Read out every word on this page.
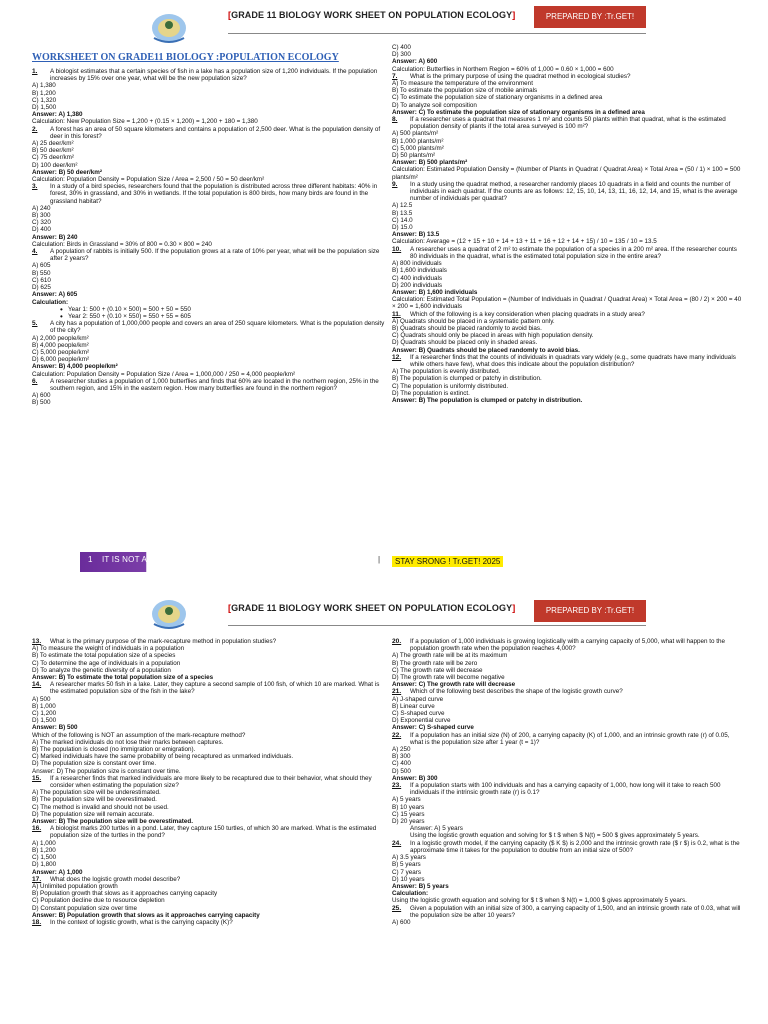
[GRADE 11 BIOLOGY WORK SHEET ON POPULATION ECOLOGY]	PREPARED BY :Tr.GET!
WORKSHEET ON GRADE11 BIOLOGY :POPULATION ECOLOGY
1.	A biologist estimates that a certain species of fish in a lake has a population size of 1,200 individuals. If the population increases by 15% over one year, what will be the new population size?
A) 1,380
B) 1,200
C) 1,320
D) 1,500
Answer: A) 1,380
Calculation: New Population Size = 1,200 + (0.15 × 1,200) = 1,200 + 180 = 1,380
2.	A forest has an area of 50 square kilometers and contains a population of 2,500 deer. What is the population density of deer in this forest?
A) 25 deer/km²
B) 50 deer/km²
C) 75 deer/km²
D) 100 deer/km²
Answer: B) 50 deer/km²
Calculation: Population Density = Population Size / Area = 2,500 / 50 = 50 deer/km²
3.	In a study of a bird species, researchers found that the population is distributed across three different habitats: 40% in forest, 30% in grassland, and 30% in wetlands. If the total population is 800 birds, how many birds are found in the grassland habitat?
A) 240
B) 300
C) 320
D) 400
Answer: B) 240
Calculation: Birds in Grassland = 30% of 800 = 0.30 × 800 = 240
4.	A population of rabbits is initially 500. If the population grows at a rate of 10% per year, what will be the population size after 2 years?
A) 605
B) 550
C) 610
D) 625
Answer: A) 605
Calculation:
• Year 1: 500 + (0.10 × 500) = 500 + 50 = 550
• Year 2: 550 + (0.10 × 550) = 550 + 55 = 605
5.	A city has a population of 1,000,000 people and covers an area of 250 square kilometers. What is the population density of the city?
A) 2,000 people/km²
B) 4,000 people/km²
C) 5,000 people/km²
D) 6,000 people/km²
Answer: B) 4,000 people/km²
Calculation: Population Density = Population Size / Area = 1,000,000 / 250 = 4,000 people/km²
6.	A researcher studies a population of 1,000 butterflies and finds that 60% are located in the northern region, 25% in the southern region, and 15% in the eastern region. How many butterflies are found in the northern region?
A) 600
B) 500
C) 400
D) 300
Answer: A) 600
Calculation: Butterflies in Northern Region = 60% of 1,000 = 0.60 × 1,000 = 600
7.	What is the primary purpose of using the quadrat method in ecological studies?
A) To measure the temperature of the environment
B) To estimate the population size of mobile animals
C) To estimate the population size of stationary organisms in a defined area
D) To analyze soil composition
Answer: C) To estimate the population size of stationary organisms in a defined area
8.	If a researcher uses a quadrat that measures 1 m² and counts 50 plants within that quadrat, what is the estimated population density of plants if the total area surveyed is 100 m²?
A) 500 plants/m²
B) 1,000 plants/m²
C) 5,000 plants/m²
D) 50 plants/m²
Answer: B) 500 plants/m²
Calculation: Estimated Population Density = (Number of Plants in Quadrat / Quadrat Area) × Total Area = (50 / 1) × 100 = 500 plants/m²
9.	In a study using the quadrat method, a researcher randomly places 10 quadrats in a field and counts the number of individuals in each quadrat. If the counts are as follows: 12, 15, 10, 14, 13, 11, 16, 12, 14, and 15, what is the average number of individuals per quadrat?
A) 12.5
B) 13.5
C) 14.0
D) 15.0
Answer: B) 13.5
Calculation: Average = (12 + 15 + 10 + 14 + 13 + 11 + 16 + 12 + 14 + 15) / 10 = 135 / 10 = 13.5
10.	A researcher uses a quadrat of 2 m² to estimate the population of a species in a 200 m² area. If the researcher counts 80 individuals in the quadrat, what is the estimated total population size in the entire area?
A) 800 individuals
B) 1,600 individuals
C) 400 individuals
D) 200 individuals
Answer: B) 1,600 individuals
Calculation: Estimated Total Population = (Number of Individuals in Quadrat / Quadrat Area) × Total Area = (80 / 2) × 200 = 40 × 200 = 1,600 individuals
11.	Which of the following is a key consideration when placing quadrats in a study area?
A) Quadrats should be placed in a systematic pattern only.
B) Quadrats should be placed randomly to avoid bias.
C) Quadrats should only be placed in areas with high population density.
D) Quadrats should be placed only in shaded areas.
Answer: B) Quadrats should be placed randomly to avoid bias.
12.	If a researcher finds that the counts of individuals in quadrats vary widely (e.g., some quadrats have many individuals while others have few), what does this indicate about the population distribution?
A) The population is evenly distributed.
B) The population is clumped or patchy in distribution.
C) The population is uniformly distributed.
D) The population is extinct.
Answer: B) The population is clumped or patchy in distribution.
1 IT IS NOT ABOUT HOW LOUD , IT IS ABOUT HOW RIGHT !	|	STAY SRONG ! Tr.GET! 2025
[GRADE 11 BIOLOGY WORK SHEET ON POPULATION ECOLOGY]	PREPARED BY :Tr.GET!
13.	What is the primary purpose of the mark-recapture method in population studies?
A) To measure the weight of individuals in a population
B) To estimate the total population size of a species
C) To determine the age of individuals in a population
D) To analyze the genetic diversity of a population
Answer: B) To estimate the total population size of a species
14.	A researcher marks 50 fish in a lake. Later, they capture a second sample of 100 fish, of which 10 are marked. What is the estimated population size of the fish in the lake?
A) 500
B) 1,000
C) 1,200
D) 1,500
Answer: B) 500
Which of the following is NOT an assumption of the mark-recapture method?
A) The marked individuals do not lose their marks between captures.
B) The population is closed (no immigration or emigration).
C) Marked individuals have the same probability of being recaptured as unmarked individuals.
D) The population size is constant over time.
Answer: D) The population size is constant over time.
15.	If a researcher finds that marked individuals are more likely to be recaptured due to their behavior, what should they consider when estimating the population size?
A) The population size will be underestimated.
B) The population size will be overestimated.
C) The method is invalid and should not be used.
D) The population size will remain accurate.
Answer: B) The population size will be overestimated.
16.	A biologist marks 200 turtles in a pond. Later, they capture 150 turtles, of which 30 are marked. What is the estimated population size of the turtles in the pond?
A) 1,000
B) 1,200
C) 1,500
D) 1,800
Answer: A) 1,000
17.	What does the logistic growth model describe?
A) Unlimited population growth
B) Population growth that slows as it approaches carrying capacity
C) Population decline due to resource depletion
D) Constant population size over time
Answer: B) Population growth that slows as it approaches carrying capacity
18.	In the context of logistic growth, what is the carrying capacity (K)?
20.	If a population of 1,000 individuals is growing logistically with a carrying capacity of 5,000, what will happen to the population growth rate when the population reaches 4,000?
A) The growth rate will be at its maximum
B) The growth rate will be zero
C) The growth rate will decrease
D) The growth rate will become negative
Answer: C) The growth rate will decrease
21.	Which of the following best describes the shape of the logistic growth curve?
A) J-shaped curve
B) Linear curve
C) S-shaped curve
D) Exponential curve
Answer: C) S-shaped curve
22.	If a population has an initial size (N) of 200, a carrying capacity (K) of 1,000, and an intrinsic growth rate (r) of 0.05, what is the population size after 1 year (t = 1)?
A) 250
B) 300
C) 400
D) 500
Answer: B) 300
23.	If a population starts with 100 individuals and has a carrying capacity of 1,000, how long will it take to reach 500 individuals if the intrinsic growth rate (r) is 0.1?
A) 5 years
B) 10 years
C) 15 years
D) 20 years
Answer: A) 5 years
Using the logistic growth equation and solving for $ t $ when $ N(t) = 500 $ gives approximately 5 years.
24.	In a logistic growth model, if the carrying capacity ($ K $) is 2,000 and the intrinsic growth rate ($ r $) is 0.2, what is the approximate time it takes for the population to double from an initial size of 500?
A) 3.5 years
B) 5 years
C) 7 years
D) 10 years
Answer: B) 5 years
Calculation:
Using the logistic growth equation and solving for $ t $ when $ N(t) = 1,000 $ gives approximately 5 years.
25.	Given a population with an initial size of 300, a carrying capacity of 1,500, and an intrinsic growth rate of 0.03, what will the population size be after 10 years?
A) 600
